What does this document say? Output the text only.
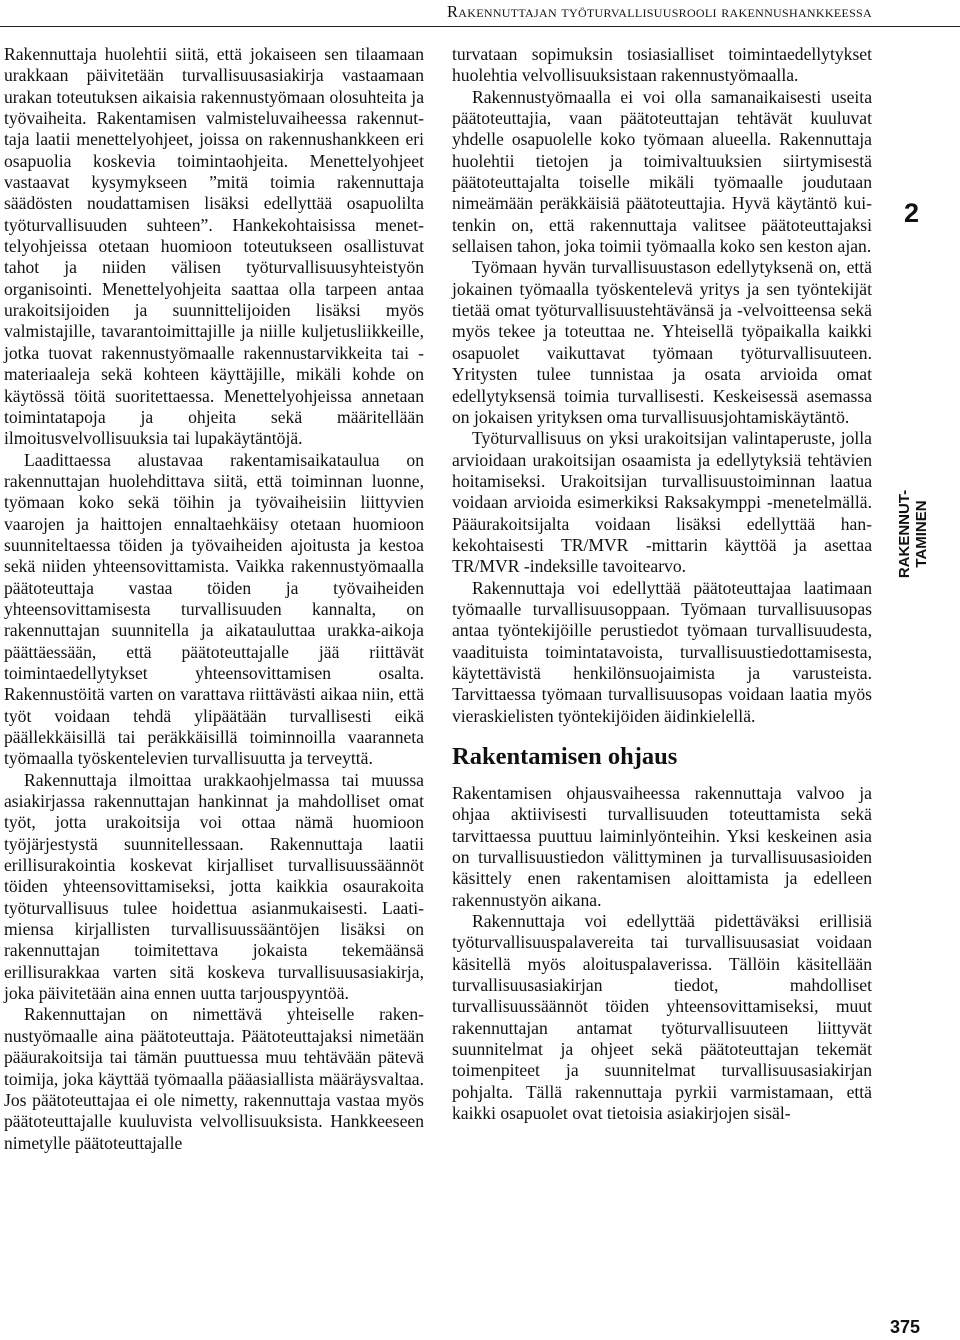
Rakennuttajan työturvallisuusrooli rakennushankkeessa

Rakennuttaja huolehtii siitä, että jokaiseen sen tilaamaan urakkaan päivitetään turvallisuusasiakirja vastaamaan urakan toteutuksen aikaisia rakennustyömaan olosuhteita ja työvaiheita. Rakentamisen valmisteluvaiheessa rakennuttaja laatii menettelyohjeet, joissa on rakennushankkeen eri osapuolia koskevia toimintaohjeita. Menettelyohjeet vastaavat kysymykseen ”mitä toimia rakennuttaja säädösten noudattamisen lisäksi edellyttää osapuolilta työturvallisuuden suhteen”. Hankekohtaisissa menettelyohjeissa otetaan huomioon toteutukseen osallistuvat tahot ja niiden välisen työturvallisuusyhteistyön organisointi. Menettelyohjeita saattaa olla tarpeen antaa urakoitsijoiden ja suunnittelijoiden lisäksi myös valmistajille, tavarantoimittajille ja niille kuljetusliikkeille, jotka tuovat rakennustyömaalle rakennustarvikkeita tai -materiaaleja sekä kohteen käyttäjille, mikäli kohde on käytössä töitä suoritettaessa. Menettelyohjeissa annetaan toimintatapoja ja ohjeita sekä määritellään ilmoitusvelvollisuuksia tai lupakäytäntöjä.

Laadittaessa alustavaa rakentamisaikataulua on rakennuttajan huolehdittava siitä, että toiminnan luonne, työmaan koko sekä töihin ja työvaiheisiin liittyvien vaarojen ja haittojen ennaltaehkäisy otetaan huomioon suunniteltaessa töiden ja työvaiheiden ajoitusta ja kestoa sekä niiden yhteensovittamista. Vaikka rakennustyömaalla päätoteuttaja vastaa töiden ja työvaiheiden yhteensovittamisesta turvallisuuden kannalta, on rakennuttajan suunnitella ja aikatauluttaa urakka-aikoja päättäessään, että päätoteuttajalle jää riittävät toimintaedellytykset yhteensovittamisen osalta. Rakennustöitä varten on varattava riittävästi aikaa niin, että työt voidaan tehdä ylipäätään turvallisesti eikä päällekkäisillä tai peräkkäisillä toiminnoilla vaaranneta työmaalla työskentelevien turvallisuutta ja terveyttä.

Rakennuttaja ilmoittaa urakkaohjelmassa tai muussa asiakirjassa rakennuttajan hankinnat ja mahdolliset omat työt, jotta urakoitsija voi ottaa nämä huomioon työjärjestystä suunnitellessaan. Rakennuttaja laatii erillisurakointia koskevat kirjalliset turvallisuussäännöt töiden yhteensovittamiseksi, jotta kaikkia osaurakoita työturvallisuus tulee hoidettua asianmukaisesti. Laatimiensa kirjallisten turvallisuussääntöjen lisäksi on rakennuttajan toimitettava jokaista tekemäänsä erillisurakkaa varten sitä koskeva turvallisuusasiakirja, joka päivitetään aina ennen uutta tarjouspyyntöä.

Rakennuttajan on nimettävä yhteiselle rakennustyömaalle aina päätoteuttaja. Päätoteuttajaksi nimetään pääurakoitsija tai tämän puuttuessa muu tehtävään pätevä toimija, joka käyttää työmaalla pääasiallista määräysvaltaa. Jos päätoteuttajaa ei ole nimetty, rakennuttaja vastaa myös päätoteuttajalle kuuluvista velvollisuuksista. Hankkeeseen nimetylle päätoteuttajalle

turvataan sopimuksin tosiasialliset toimintaedellytykset huolehtia velvollisuuksistaan rakennustyömaalla.

Rakennustyömaalla ei voi olla samanaikaisesti useita päätoteuttajia, vaan päätoteuttajan tehtävät kuuluvat yhdelle osapuolelle koko työmaan alueella. Rakennuttaja huolehtii tietojen ja toimivaltuuksien siirtymisestä päätoteuttajalta toiselle mikäli työmaalle joudutaan nimeämään peräkkäisiä päätoteuttajia. Hyvä käytäntö kuitenkin on, että rakennuttaja valitsee päätoteuttajaksi sellaisen tahon, joka toimii työmaalla koko sen keston ajan.

Työmaan hyvän turvallisuustason edellytyksenä on, että jokainen työmaalla työskentelevä yritys ja sen työntekijät tietää omat työturvallisuustehtävänsä ja -velvoitteensa sekä myös tekee ja toteuttaa ne. Yhteisellä työpaikalla kaikki osapuolet vaikuttavat työmaan työturvallisuuteen. Yritysten tulee tunnistaa ja osata arvioida omat edellytyksensä toimia turvallisesti. Keskeisessä asemassa on jokaisen yrityksen oma turvallisuusjohtamiskäytäntö.

Työturvallisuus on yksi urakoitsijan valintaperuste, jolla arvioidaan urakoitsijan osaamista ja edellytyksiä tehtävien hoitamiseksi. Urakoitsijan turvallisuustoiminnan laatua voidaan arvioida esimerkiksi Raksakymppi -menetelmällä. Pääurakoitsijalta voidaan lisäksi edellyttää hankekohtaisesti TR/MVR -mittarin käyttöä ja asettaa TR/MVR -indeksille tavoitearvo.

Rakennuttaja voi edellyttää päätoteuttajaa laatimaan työmaalle turvallisuusoppaan. Työmaan turvallisuusopas antaa työntekijöille perustiedot työmaan turvallisuudesta, vaadituista toimintatavoista, turvallisuustiedottamisesta, käytettävistä henkilönsuojaimista ja varusteista. Tarvittaessa työmaan turvallisuusopas voidaan laatia myös vieraskielisten työntekijöiden äidinkielellä.

Rakentamisen ohjaus

Rakentamisen ohjausvaiheessa rakennuttaja valvoo ja ohjaa aktiivisesti turvallisuuden toteuttamista sekä tarvittaessa puuttuu laiminlyönteihin. Yksi keskeinen asia on turvallisuustiedon välittyminen ja turvallisuusasioiden käsittely enen rakentamisen aloittamista ja edelleen rakennustyön aikana.

Rakennuttaja voi edellyttää pidettäväksi erillisiä työturvallisuuspalavereita tai turvallisuusasiat voidaan käsitellä myös aloituspalaverissa. Tällöin käsitellään turvallisuusasiakirjan tiedot, mahdolliset turvallisuussäännöt töiden yhteensovittamiseksi, muut rakennuttajan antamat työturvallisuuteen liittyvät suunnitelmat ja ohjeet sekä päätoteuttajan tekemät toimenpiteet ja suunnitelmat turvallisuusasiakirjan pohjalta. Tällä rakennuttaja pyrkii varmistamaan, että kaikki osapuolet ovat tietoisia asiakirjojen sisäl-

2
RAKENNUT- TAMINEN
375
